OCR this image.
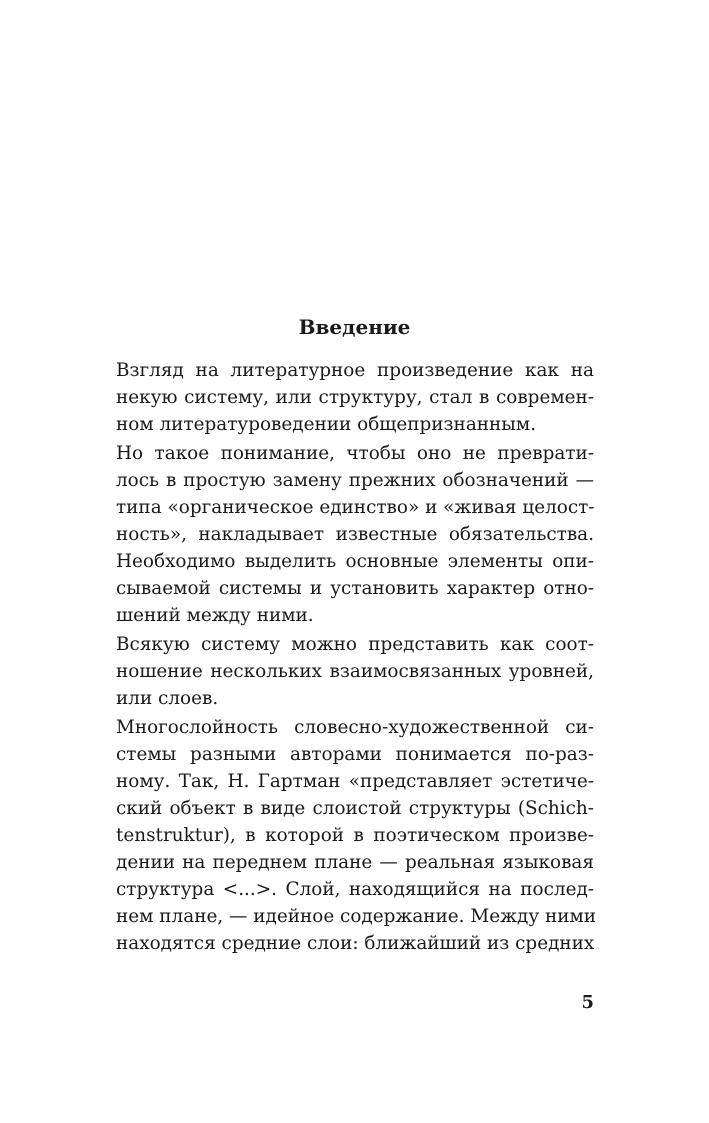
Введение
Взгляд на литературное произведение как на
некую систему, или структуру, стал в современ-
ном литературоведении общепризнанным.
Но такое понимание, чтобы оно не преврати-
лось в простую замену прежних обозначений —
типа «органическое единство» и «живая целост-
ность», накладывает известные обязательства.
Необходимо выделить основные элементы опи-
сываемой системы и установить характер отно-
шений между ними.
Всякую систему можно представить как соот-
ношение нескольких взаимосвязанных уровней,
или слоев.
Многослойность словесно-художественной си-
стемы разными авторами понимается по-раз-
ному. Так, Н. Гартман «представляет эстетиче-
ский объект в виде слоистой структуры (Schich-
tenstruktur), в которой в поэтическом произве-
дении на переднем плане — реальная языковая
структура <...>. Слой, находящийся на послед-
нем плане, — идейное содержание. Между ними
находятся средние слои: ближайший из средних
5
